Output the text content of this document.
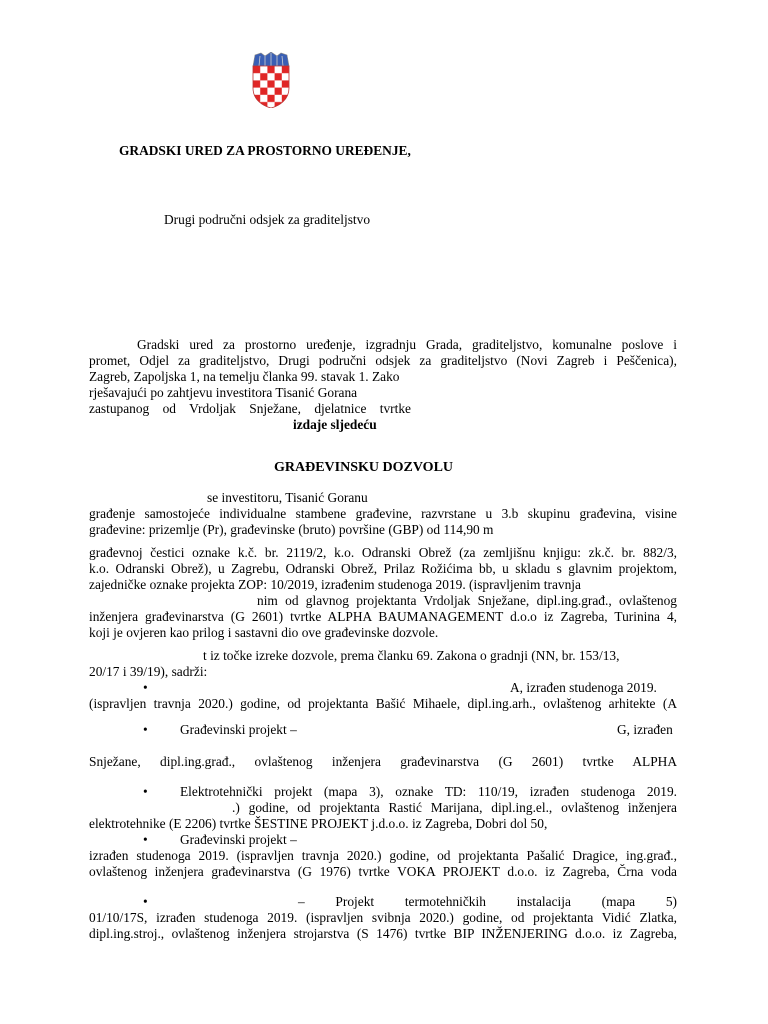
GRADSKI URED ZA PROSTORNO UREĐENJE,
Drugi područni odsjek za graditeljstvo
Gradski ured za prostorno uređenje, izgradnju Grada, graditeljstvo, komunalne poslove i
promet, Odjel za graditeljstvo, Drugi područni odsjek za graditeljstvo (Novi Zagreb i Peščenica),
Zagreb, Zapoljska 1, na temelju članka 99. stavak 1. Zako
rješavajući po zahtjevu investitora Tisanić Gorana
zastupanog od Vrdoljak Snježane, djelatnice tvrtke
izdaje sljedeću
GRAĐEVINSKU DOZVOLU
se investitoru, Tisanić Goranu
građenje samostojeće individualne stambene građevine, razvrstane u 3.b skupinu građevina, visine
građevine: prizemlje (Pr), građevinske (bruto) površine (GBP) od 114,90 m
građevnoj čestici oznake k.č. br. 2119/2, k.o. Odranski Obrež (za zemljišnu knjigu: zk.č. br. 882/3,
k.o. Odranski Obrež), u Zagrebu, Odranski Obrež, Prilaz Rožićima bb, u skladu s glavnim projektom,
zajedničke oznake projekta ZOP: 10/2019, izrađenim studenoga 2019. (ispravljenim travnja
nim od glavnog projektanta Vrdoljak Snježane, dipl.ing.građ., ovlaštenog
inženjera građevinarstva (G 2601) tvrtke ALPHA BAUMANAGEMENT d.o.o iz Zagreba, Turinina 4,
koji je ovjeren kao prilog i sastavni dio ove građevinske dozvole.
t iz točke izreke dozvole, prema članku 69. Zakona o gradnji (NN, br. 153/13,
20/17 i 39/19), sadrži:
•	A, izrađen studenoga 2019.
(ispravljen travnja 2020.) godine, od projektanta Bašić Mihaele, dipl.ing.arh., ovlaštenog arhitekte (A
• Građevinski projekt –	G, izrađen
Snježane, dipl.ing.građ., ovlaštenog inženjera građevinarstva (G 2601) tvrtke ALPHA
• Elektrotehnički projekt (mapa 3), oznake TD: 110/19, izrađen studenoga 2019.
.) godine, od projektanta Rastić Marijana, dipl.ing.el., ovlaštenog inženjera
elektrotehnike (E 2206) tvrtke ŠESTINE PROJEKT j.d.o.o. iz Zagreba, Dobri dol 50,
• Građevinski projekt –
izrađen studenoga 2019. (ispravljen travnja 2020.) godine, od projektanta Pašalić Dragice, ing.građ.,
ovlaštenog inženjera građevinarstva (G 1976) tvrtke VOKA PROJEKT d.o.o. iz Zagreba, Črna voda
•	– Projekt termotehničkih instalacija (mapa 5)
01/10/17S, izrađen studenoga 2019. (ispravljen svibnja 2020.) godine, od projektanta Vidić Zlatka,
dipl.ing.stroj., ovlaštenog inženjera strojarstva (S 1476) tvrtke BIP INŽENJERING d.o.o. iz Zagreba,
